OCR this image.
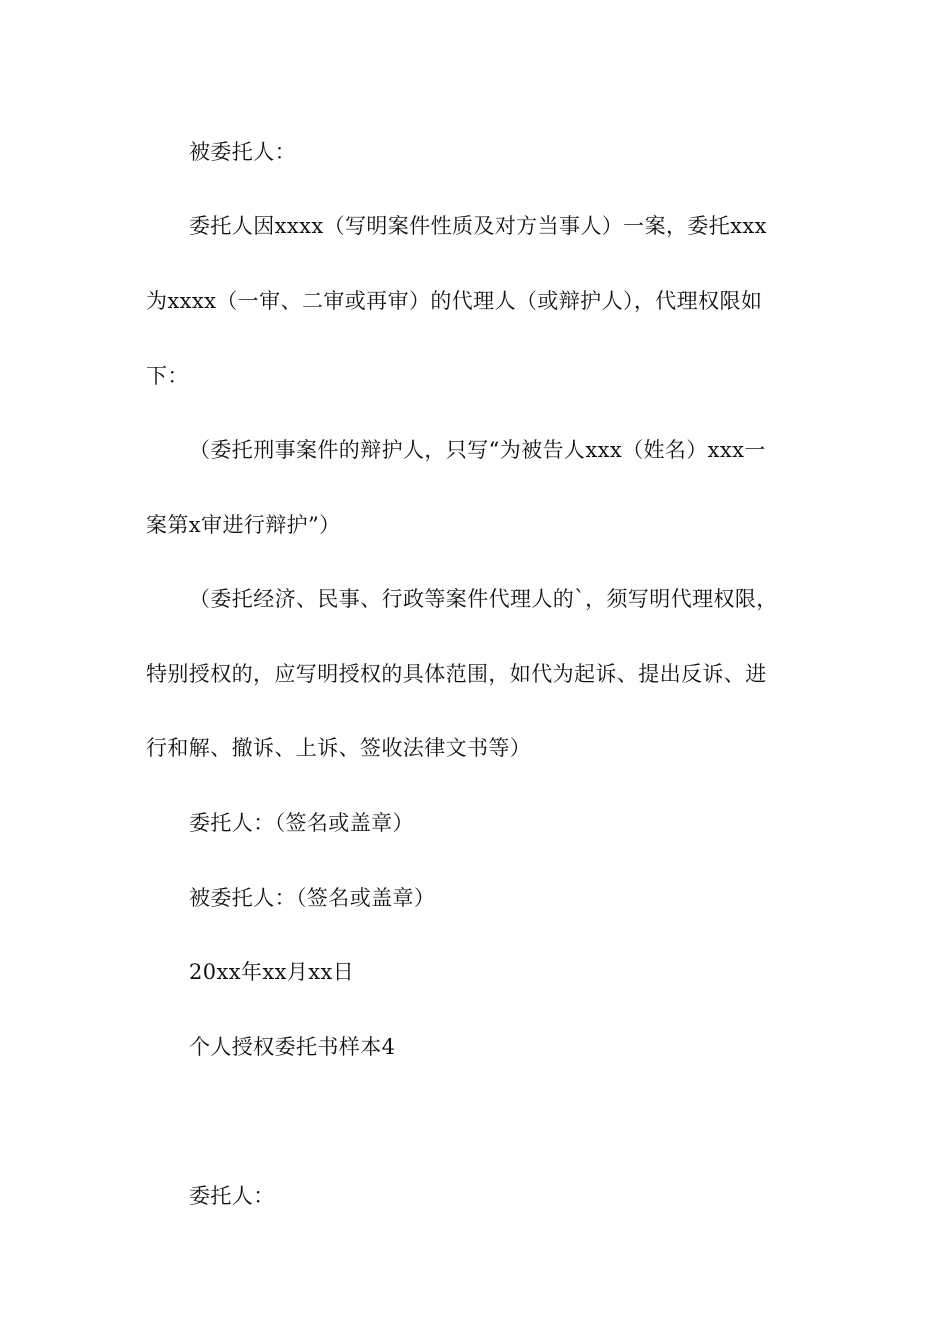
被委托人：
委托人因xxxx（写明案件性质及对方当事人）一案，委托xxx
为xxxx（一审、二审或再审）的代理人（或辩护人），代理权限如
下：
（委托刑事案件的辩护人，只写“为被告人xxx（姓名）xxx一
案第x审进行辩护”）
（委托经济、民事、行政等案件代理人的`，须写明代理权限，
特别授权的，应写明授权的具体范围，如代为起诉、提出反诉、进
行和解、撤诉、上诉、签收法律文书等）
委托人：（签名或盖章）
被委托人：（签名或盖章）
20xx年xx月xx日
个人授权委托书样本4
委托人：
